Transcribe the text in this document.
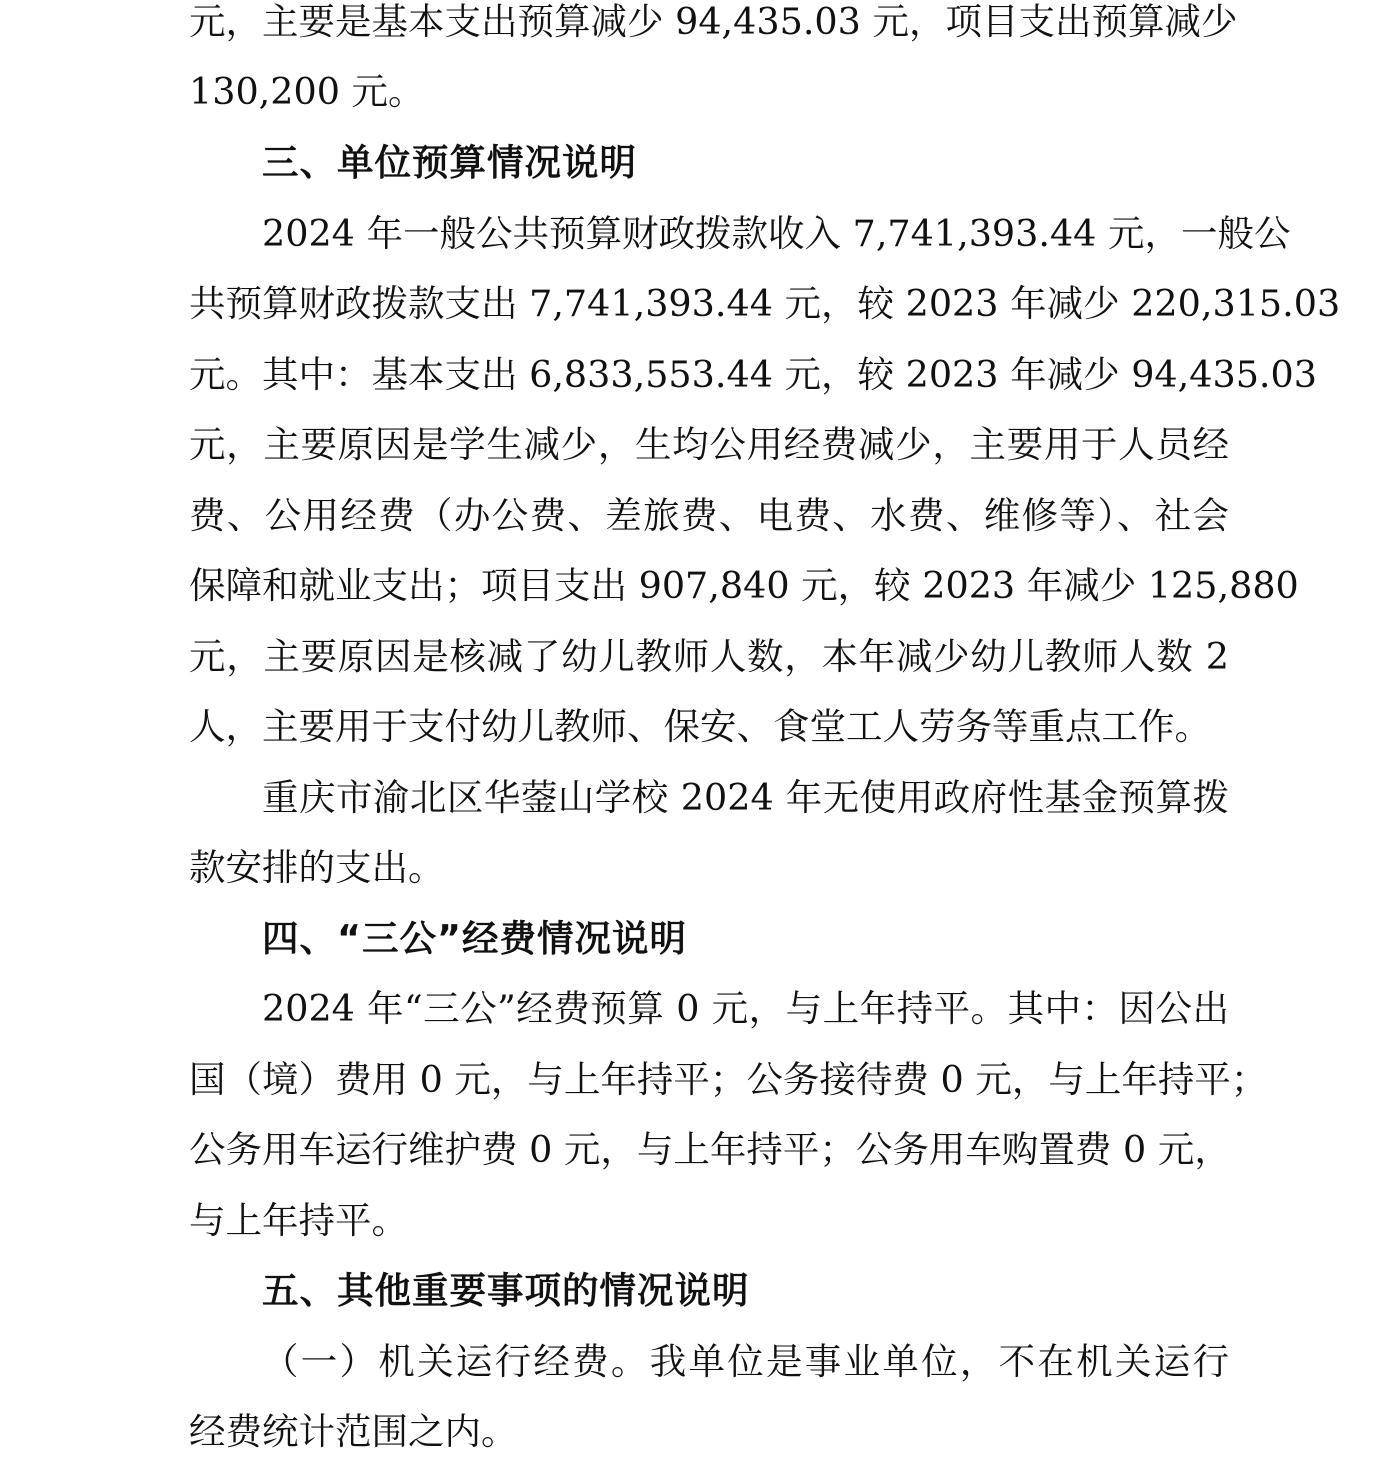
元，主要是基本支出预算减少 94,435.03 元，项目支出预算减少
130,200 元。
三、单位预算情况说明
2024 年一般公共预算财政拨款收入 7,741,393.44 元，一般公
共预算财政拨款支出 7,741,393.44 元，较 2023 年减少 220,315.03
元。其中：基本支出 6,833,553.44 元，较 2023 年减少 94,435.03
元，主要原因是学生减少，生均公用经费减少，主要用于人员经
费、公用经费（办公费、差旅费、电费、水费、维修等）、社会
保障和就业支出；项目支出 907,840 元，较 2023 年减少 125,880
元，主要原因是核减了幼儿教师人数，本年减少幼儿教师人数 2
人，主要用于支付幼儿教师、保安、食堂工人劳务等重点工作。
重庆市渝北区华蓥山学校 2024 年无使用政府性基金预算拨
款安排的支出。
四、“三公”经费情况说明
2024 年“三公”经费预算 0 元，与上年持平。其中：因公出
国（境）费用 0 元，与上年持平；公务接待费 0 元，与上年持平；
公务用车运行维护费 0 元，与上年持平；公务用车购置费 0 元，
与上年持平。
五、其他重要事项的情况说明
（一）机关运行经费。我单位是事业单位，不在机关运行
经费统计范围之内。
